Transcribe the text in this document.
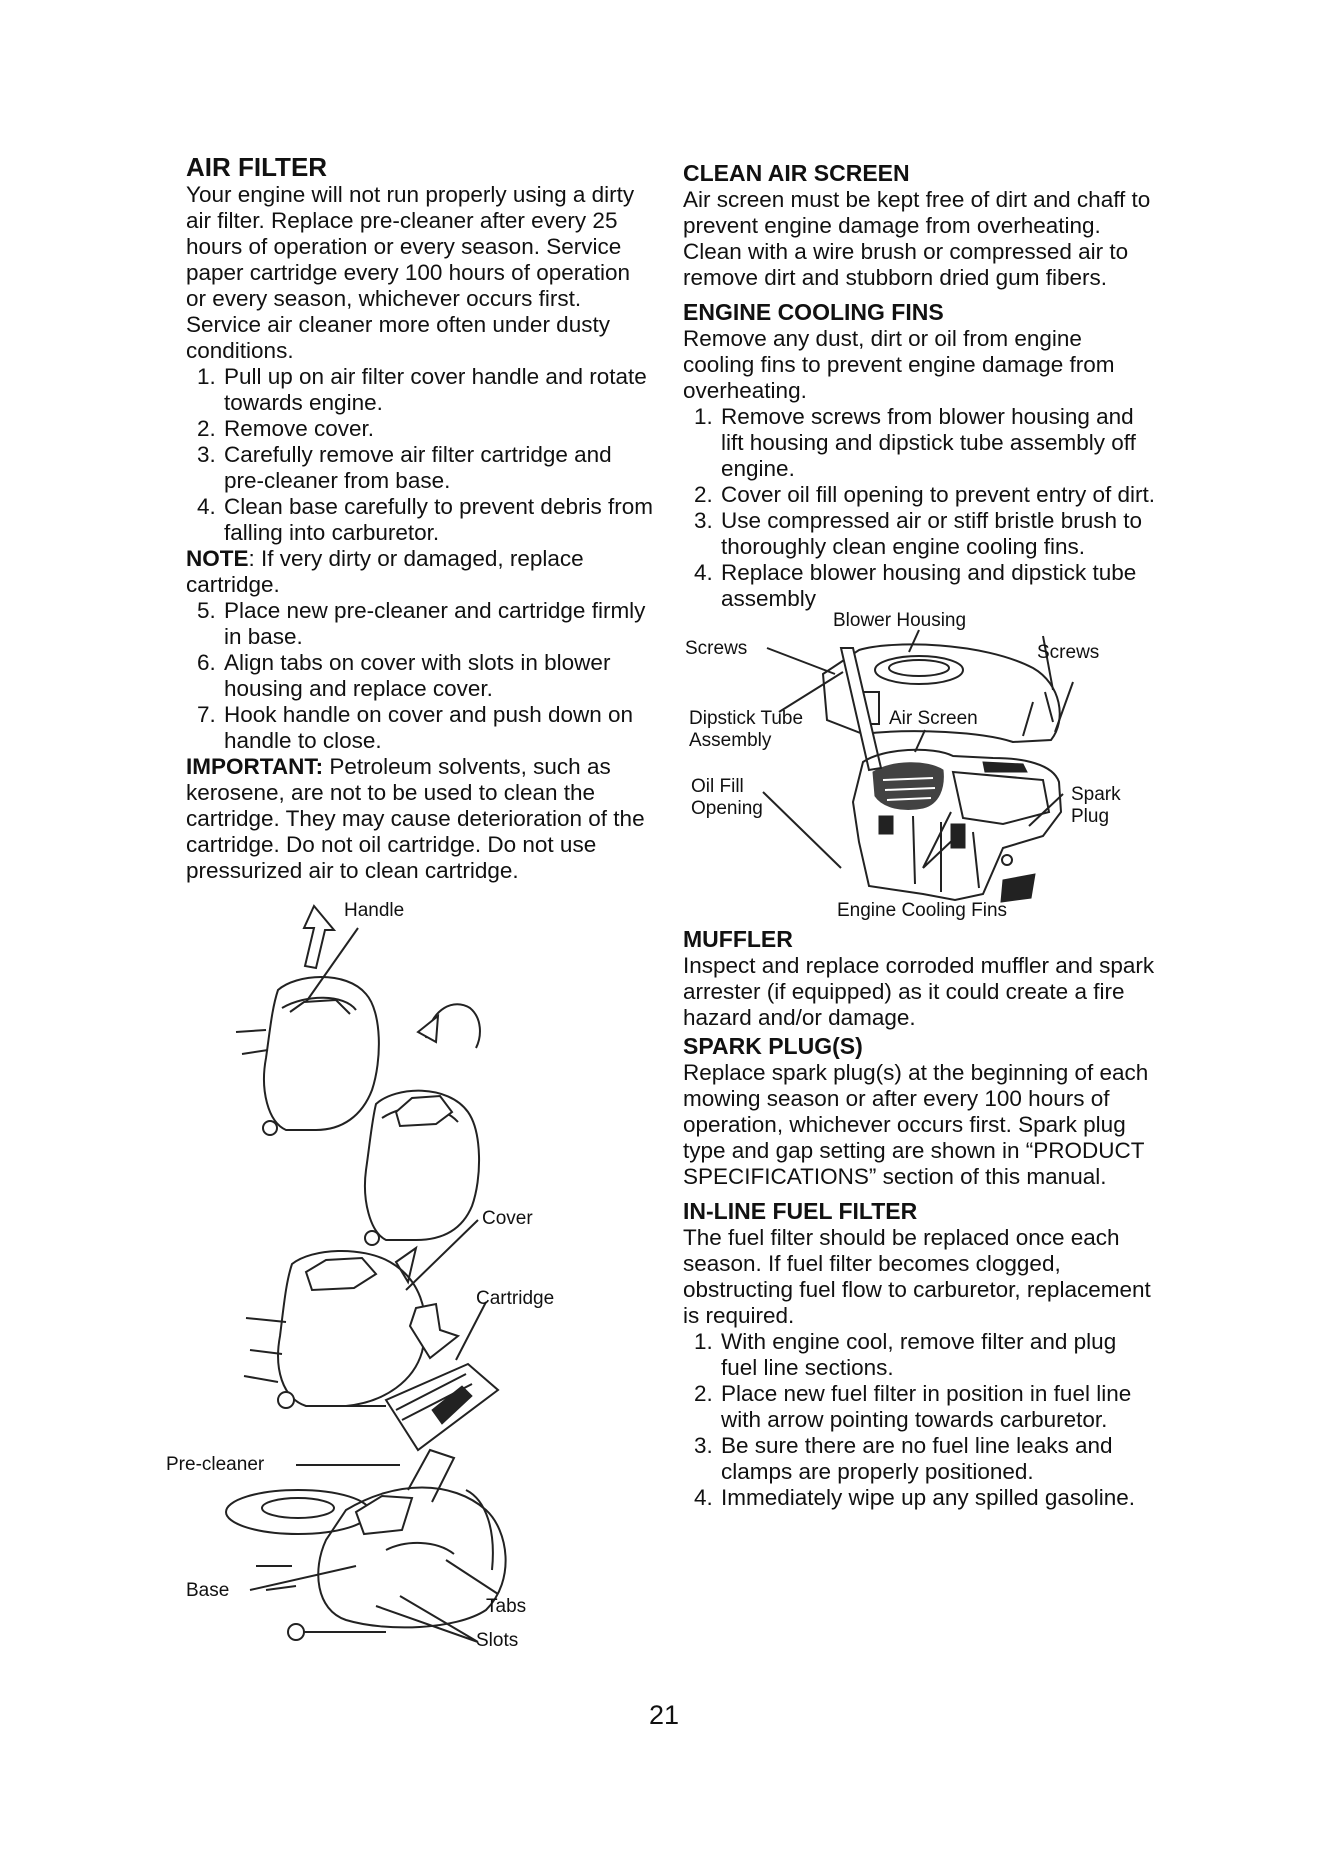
AIR FILTER

Your engine will not run properly using a dirty air filter. Replace pre-cleaner after every 25 hours of operation or every season. Service paper cartridge every 100 hours of operation or every season, whichever occurs first.

Service air cleaner more often under dusty conditions.

1. Pull up on air filter cover handle and rotate towards engine.
2. Remove cover.
3. Carefully remove air filter cartridge and pre-cleaner from base.
4. Clean base carefully to prevent debris from falling into carburetor.

NOTE: If very dirty or damaged, replace cartridge.

5. Place new pre-cleaner and cartridge firmly in base.
6. Align tabs on cover with slots in blower housing and replace cover.
7. Hook handle on cover and push down on handle to close.

IMPORTANT: Petroleum solvents, such as kerosene, are not to be used to clean the cartridge. They may cause deterioration of the cartridge. Do not oil cartridge. Do not use pressurized air to clean cartridge.

Handle
Cover
Cartridge
Pre-cleaner
Base
Tabs
Slots
CLEAN AIR SCREEN

Air screen must be kept free of dirt and chaff to prevent engine damage from overheating. Clean with a wire brush or compressed air to remove dirt and stubborn dried gum fibers.

ENGINE COOLING FINS

Remove any dust, dirt or oil from engine cooling fins to prevent engine damage from overheating.

1. Remove screws from blower housing and lift housing and dipstick tube assembly off engine.
2. Cover oil fill opening to prevent entry of dirt.
3. Use compressed air or stiff bristle brush to thoroughly clean engine cooling fins.
4. Replace blower housing and dipstick tube assembly
Blower Housing
Screws	Screws
Dipstick Tube
Assembly
Air Screen
Oil Fill
Opening
Spark
Plug
Engine Cooling Fins
MUFFLER

Inspect and replace corroded muffler and spark arrester (if equipped) as it could create a fire hazard and/or damage.

SPARK PLUG(S)

Replace spark plug(s) at the beginning of each mowing season or after every 100 hours of operation, whichever occurs first. Spark plug type and gap setting are shown in “PRODUCT SPECIFICATIONS” section of this manual.

IN-LINE FUEL FILTER

The fuel filter should be replaced once each season. If fuel filter becomes clogged, obstructing fuel flow to carburetor, replacement is required.

1. With engine cool, remove filter and plug fuel line sections.
2. Place new fuel filter in position in fuel line with arrow pointing towards carburetor.
3. Be sure there are no fuel line leaks and clamps are properly positioned.
4. Immediately wipe up any spilled gasoline.
21
